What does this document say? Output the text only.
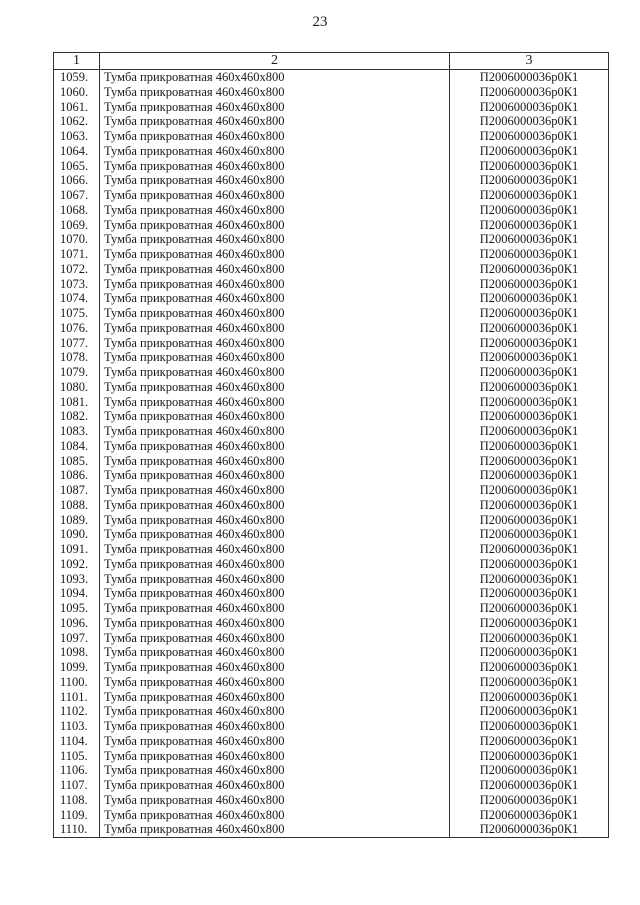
23
1	2	3
1059.	Тумба прикроватная 460х460х800	П2006000036р0К1
1060.	Тумба прикроватная 460х460х800	П2006000036р0К1
1061.	Тумба прикроватная 460х460х800	П2006000036р0К1
1062.	Тумба прикроватная 460х460х800	П2006000036р0К1
1063.	Тумба прикроватная 460х460х800	П2006000036р0К1
1064.	Тумба прикроватная 460х460х800	П2006000036р0К1
1065.	Тумба прикроватная 460х460х800	П2006000036р0К1
1066.	Тумба прикроватная 460х460х800	П2006000036р0К1
1067.	Тумба прикроватная 460х460х800	П2006000036р0К1
1068.	Тумба прикроватная 460х460х800	П2006000036р0К1
1069.	Тумба прикроватная 460х460х800	П2006000036р0К1
1070.	Тумба прикроватная 460х460х800	П2006000036р0К1
1071.	Тумба прикроватная 460х460х800	П2006000036р0К1
1072.	Тумба прикроватная 460х460х800	П2006000036р0К1
1073.	Тумба прикроватная 460х460х800	П2006000036р0К1
1074.	Тумба прикроватная 460х460х800	П2006000036р0К1
1075.	Тумба прикроватная 460х460х800	П2006000036р0К1
1076.	Тумба прикроватная 460х460х800	П2006000036р0К1
1077.	Тумба прикроватная 460х460х800	П2006000036р0К1
1078.	Тумба прикроватная 460х460х800	П2006000036р0К1
1079.	Тумба прикроватная 460х460х800	П2006000036р0К1
1080.	Тумба прикроватная 460х460х800	П2006000036р0К1
1081.	Тумба прикроватная 460х460х800	П2006000036р0К1
1082.	Тумба прикроватная 460х460х800	П2006000036р0К1
1083.	Тумба прикроватная 460х460х800	П2006000036р0К1
1084.	Тумба прикроватная 460х460х800	П2006000036р0К1
1085.	Тумба прикроватная 460х460х800	П2006000036р0К1
1086.	Тумба прикроватная 460х460х800	П2006000036р0К1
1087.	Тумба прикроватная 460х460х800	П2006000036р0К1
1088.	Тумба прикроватная 460х460х800	П2006000036р0К1
1089.	Тумба прикроватная 460х460х800	П2006000036р0К1
1090.	Тумба прикроватная 460х460х800	П2006000036р0К1
1091.	Тумба прикроватная 460х460х800	П2006000036р0К1
1092.	Тумба прикроватная 460х460х800	П2006000036р0К1
1093.	Тумба прикроватная 460х460х800	П2006000036р0К1
1094.	Тумба прикроватная 460х460х800	П2006000036р0К1
1095.	Тумба прикроватная 460х460х800	П2006000036р0К1
1096.	Тумба прикроватная 460х460х800	П2006000036р0К1
1097.	Тумба прикроватная 460х460х800	П2006000036р0К1
1098.	Тумба прикроватная 460х460х800	П2006000036р0К1
1099.	Тумба прикроватная 460х460х800	П2006000036р0К1
1100.	Тумба прикроватная 460х460х800	П2006000036р0К1
1101.	Тумба прикроватная 460х460х800	П2006000036р0К1
1102.	Тумба прикроватная 460х460х800	П2006000036р0К1
1103.	Тумба прикроватная 460х460х800	П2006000036р0К1
1104.	Тумба прикроватная 460х460х800	П2006000036р0К1
1105.	Тумба прикроватная 460х460х800	П2006000036р0К1
1106.	Тумба прикроватная 460х460х800	П2006000036р0К1
1107.	Тумба прикроватная 460х460х800	П2006000036р0К1
1108.	Тумба прикроватная 460х460х800	П2006000036р0К1
1109.	Тумба прикроватная 460х460х800	П2006000036р0К1
1110.	Тумба прикроватная 460х460х800	П2006000036р0К1
